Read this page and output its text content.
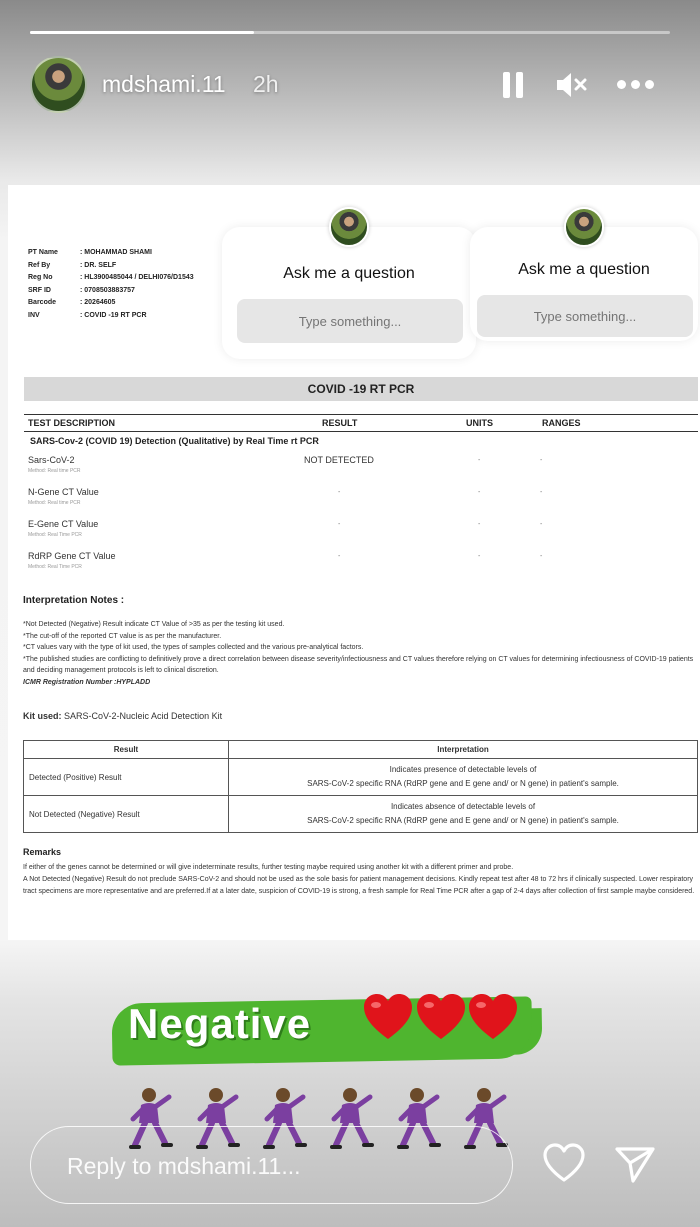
mdshami.11 2h
PT Name	: MOHAMMAD SHAMI
Ref By	: DR. SELF
Reg No	: HL3900485044 / DELHI076/D1543
SRF ID	: 0708503883757
Barcode	: 20264605
INV	: COVID -19 RT PCR
Ask me a question
Type something...	Ask me a question
Type something...
COVID -19 RT PCR
TEST DESCRIPTION	RESULT	UNITS	RANGES
SARS-Cov-2 (COVID 19) Detection (Qualitative) by Real Time rt PCR
Sars-CoV-2
Method: Real time PCR
NOT DETECTED	-	-
N-Gene CT Value
Method: Real time PCR
-	-	-
E-Gene CT Value
Method: Real Time PCR
-	-	-
RdRP Gene CT Value
Method: Real Time PCR
-	-	-
Interpretation Notes :
*Not Detected (Negative) Result indicate CT Value of >35 as per the testing kit used.
*The cut-off of the reported CT value is as per the manufacturer.
*CT values vary with the type of kit used, the types of samples collected and the various pre-analytical factors.
*The published studies are conflicting to definitively prove a direct correlation between disease severity/infectiousness and CT values therefore relying on CT values for determining infectiousness of COVID-19 patients and deciding management protocols is left to clinical discretion.
ICMR Registration Number :HYPLADD
Kit used: SARS-CoV-2-Nucleic Acid Detection Kit
Result	Interpretation
Detected (Positive) Result	Indicates presence of detectable levels of
SARS-CoV-2 specific RNA (RdRP gene and E gene and/ or N gene) in patient's sample.

Not Detected (Negative) Result	Indicates absence of detectable levels of
SARS-CoV-2 specific RNA (RdRP gene and E gene and/ or N gene) in patient's sample.
Remarks
If either of the genes cannot be determined or will give indeterminate results, further testing maybe required using another kit with a different primer and probe.
A Not Detected (Negative) Result do not preclude SARS-CoV-2 and should not be used as the sole basis for patient management decisions. Kindly repeat test after 48 to 72 hrs if clinically suspected. Lower respiratory tract specimens are more representative and are preferred.If at a later date, suspicion of COVID-19 is strong, a fresh sample for Real Time PCR after a gap of 2-4 days after collection of first sample maybe considered.
Negative
Reply to mdshami.11...
